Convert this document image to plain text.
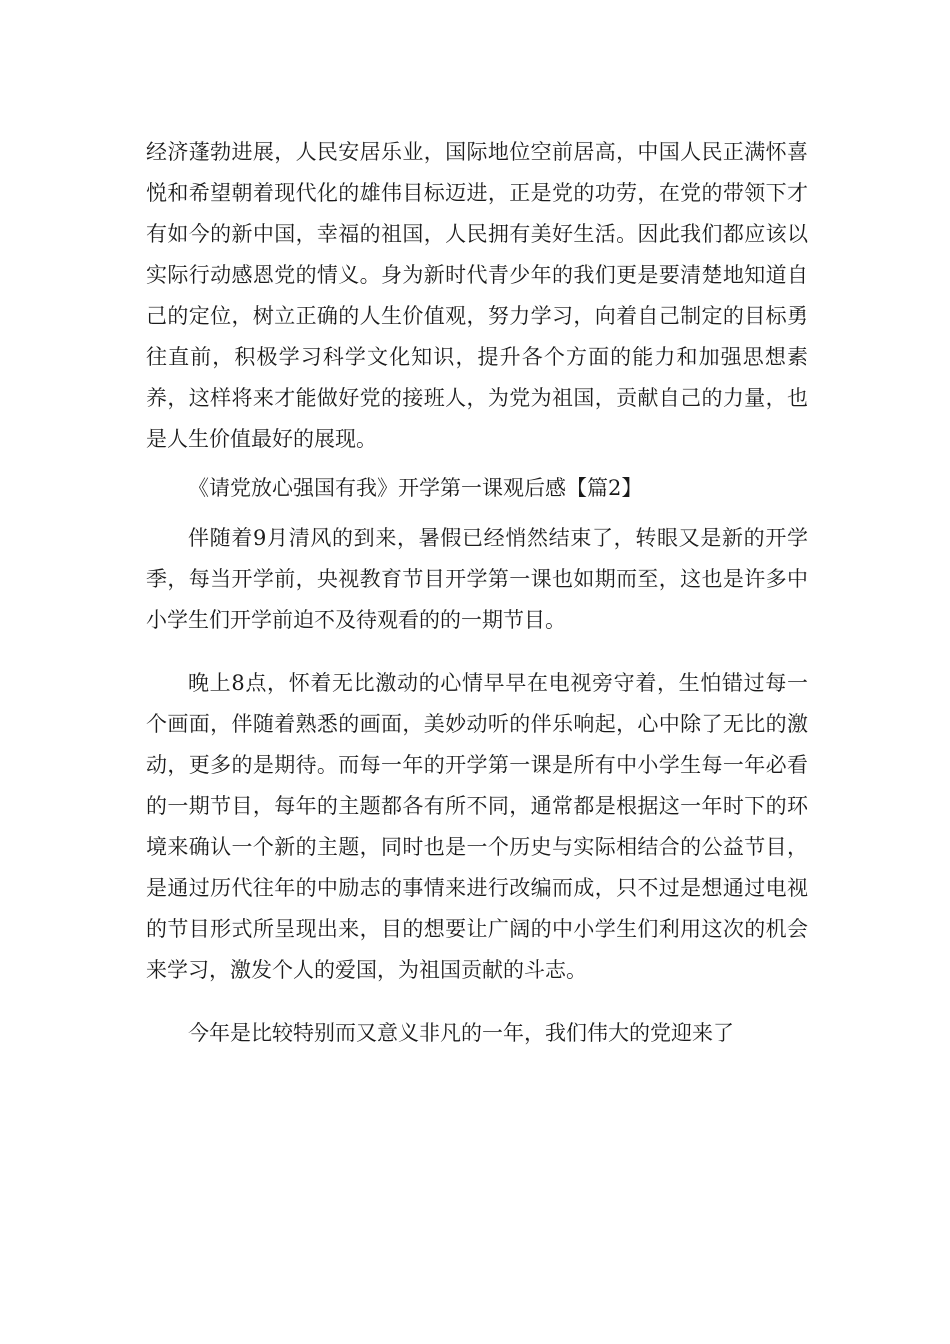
经济蓬勃进展，人民安居乐业，国际地位空前居高，中国人民正满怀喜悦和希望朝着现代化的雄伟目标迈进，正是党的功劳，在党的带领下才有如今的新中国，幸福的祖国，人民拥有美好生活。因此我们都应该以实际行动感恩党的情义。身为新时代青少年的我们更是要清楚地知道自己的定位，树立正确的人生价值观，努力学习，向着自己制定的目标勇往直前，积极学习科学文化知识，提升各个方面的能力和加强思想素养，这样将来才能做好党的接班人，为党为祖国，贡献自己的力量，也是人生价值最好的展现。

《请党放心强国有我》开学第一课观后感【篇2】

伴随着9月清风的到来，暑假已经悄然结束了，转眼又是新的开学季，每当开学前，央视教育节目开学第一课也如期而至，这也是许多中小学生们开学前迫不及待观看的的一期节目。

晚上8点，怀着无比激动的心情早早在电视旁守着，生怕错过每一个画面，伴随着熟悉的画面，美妙动听的伴乐响起，心中除了无比的激动，更多的是期待。而每一年的开学第一课是所有中小学生每一年必看的一期节目，每年的主题都各有所不同，通常都是根据这一年时下的环境来确认一个新的主题，同时也是一个历史与实际相结合的公益节目，是通过历代往年的中励志的事情来进行改编而成，只不过是想通过电视的节目形式所呈现出来，目的想要让广阔的中小学生们利用这次的机会来学习，激发个人的爱国，为祖国贡献的斗志。

今年是比较特别而又意义非凡的一年，我们伟大的党迎来了
